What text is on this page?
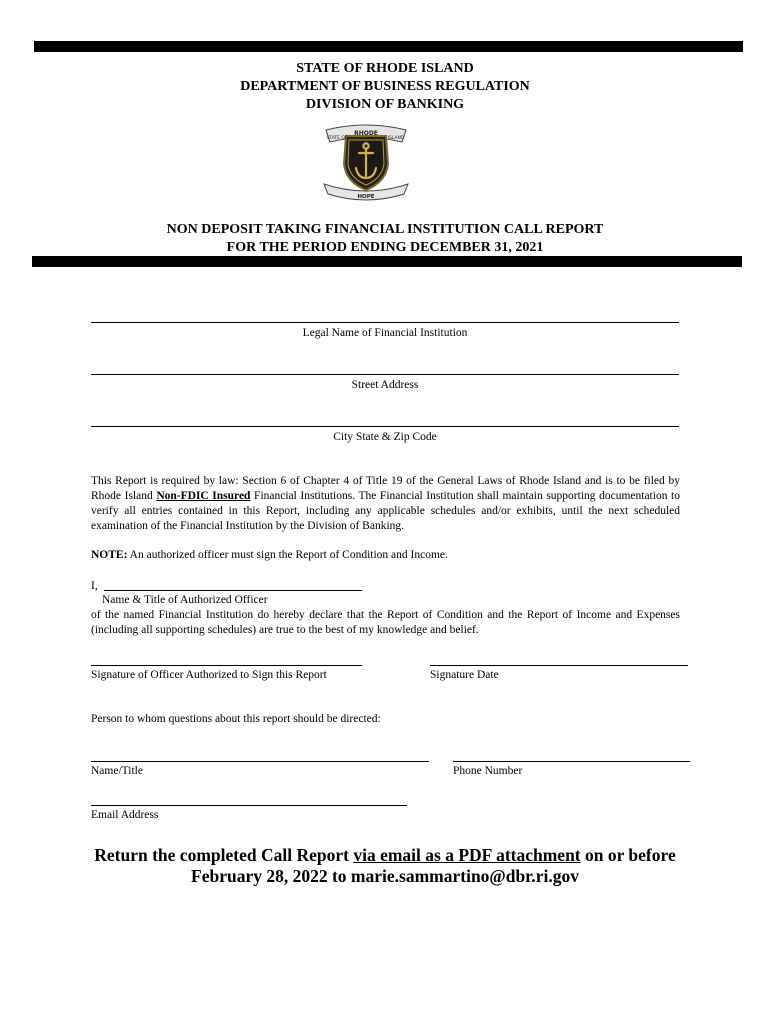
STATE OF RHODE ISLAND
DEPARTMENT OF BUSINESS REGULATION
DIVISION OF BANKING
RHODE
STATE OF	ISLAND
HOPE
NON DEPOSIT TAKING FINANCIAL INSTITUTION CALL REPORT
FOR THE PERIOD ENDING DECEMBER 31, 2021
Legal Name of Financial Institution
Street Address
City State & Zip Code
This Report is required by law: Section 6 of Chapter 4 of Title 19 of the General Laws of Rhode Island and is to be filed by Rhode Island Non-FDIC Insured Financial Institutions. The Financial Institution shall maintain supporting documentation to verify all entries contained in this Report, including any applicable schedules and/or exhibits, until the next scheduled examination of the Financial Institution by the Division of Banking.
NOTE: An authorized officer must sign the Report of Condition and Income.
I,
Name & Title of Authorized Officer
of the named Financial Institution do hereby declare that the Report of Condition and the Report of Income and Expenses (including all supporting schedules) are true to the best of my knowledge and belief.
Signature of Officer Authorized to Sign this Report	Signature Date
Person to whom questions about this report should be directed:
Name/Title	Phone Number
Email Address
Return the completed Call Report via email as a PDF attachment on or before
February 28, 2022 to marie.sammartino@dbr.ri.gov
